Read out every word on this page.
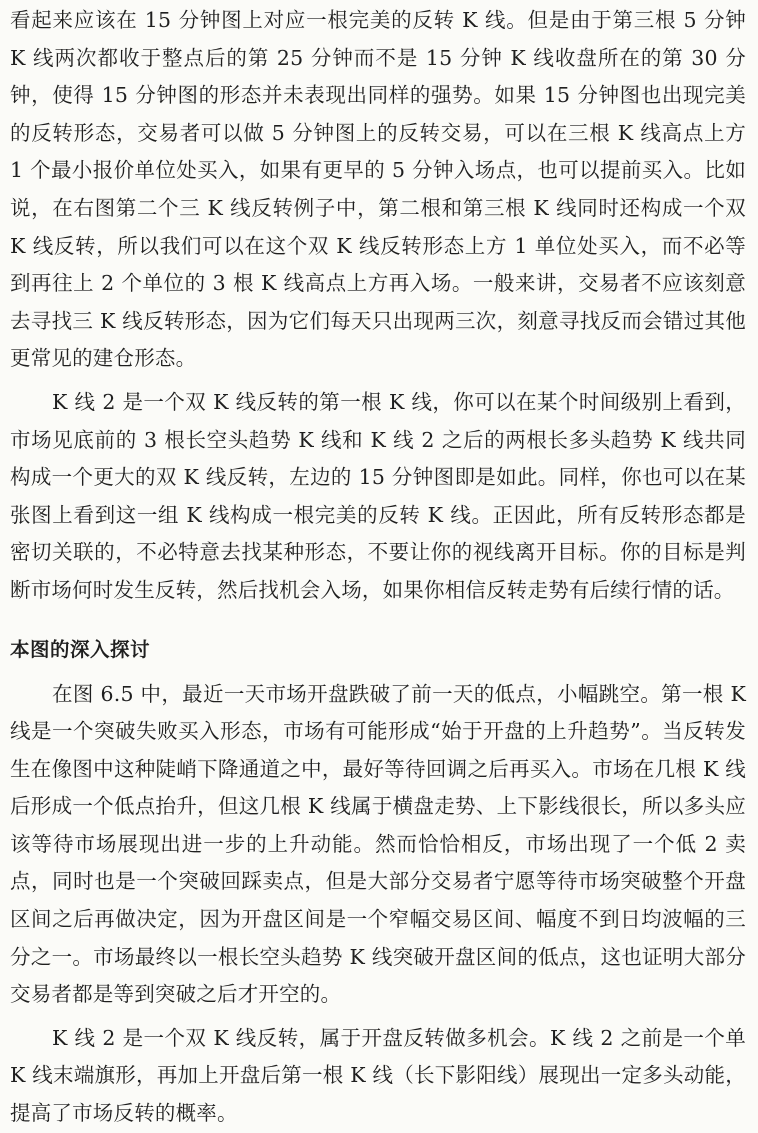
看起来应该在 15 分钟图上对应一根完美的反转 K 线。但是由于第三根 5 分钟 K 线两次都收于整点后的第 25 分钟而不是 15 分钟 K 线收盘所在的第 30 分钟，使得 15 分钟图的形态并未表现出同样的强势。如果 15 分钟图也出现完美的反转形态，交易者可以做 5 分钟图上的反转交易，可以在三根 K 线高点上方 1 个最小报价单位处买入，如果有更早的 5 分钟入场点，也可以提前买入。比如说，在右图第二个三 K 线反转例子中，第二根和第三根 K 线同时还构成一个双 K 线反转，所以我们可以在这个双 K 线反转形态上方 1 单位处买入，而不必等到再往上 2 个单位的 3 根 K 线高点上方再入场。一般来讲，交易者不应该刻意去寻找三 K 线反转形态，因为它们每天只出现两三次，刻意寻找反而会错过其他更常见的建仓形态。

K 线 2 是一个双 K 线反转的第一根 K 线，你可以在某个时间级别上看到，市场见底前的 3 根长空头趋势 K 线和 K 线 2 之后的两根长多头趋势 K 线共同构成一个更大的双 K 线反转，左边的 15 分钟图即是如此。同样，你也可以在某张图上看到这一组 K 线构成一根完美的反转 K 线。正因此，所有反转形态都是密切关联的，不必特意去找某种形态，不要让你的视线离开目标。你的目标是判断市场何时发生反转，然后找机会入场，如果你相信反转走势有后续行情的话。

本图的深入探讨

在图 6.5 中，最近一天市场开盘跌破了前一天的低点，小幅跳空。第一根 K 线是一个突破失败买入形态，市场有可能形成“始于开盘的上升趋势”。当反转发生在像图中这种陡峭下降通道之中，最好等待回调之后再买入。市场在几根 K 线后形成一个低点抬升，但这几根 K 线属于横盘走势、上下影线很长，所以多头应该等待市场展现出进一步的上升动能。然而恰恰相反，市场出现了一个低 2 卖点，同时也是一个突破回踩卖点，但是大部分交易者宁愿等待市场突破整个开盘区间之后再做决定，因为开盘区间是一个窄幅交易区间、幅度不到日均波幅的三分之一。市场最终以一根长空头趋势 K 线突破开盘区间的低点，这也证明大部分交易者都是等到突破之后才开空的。

K 线 2 是一个双 K 线反转，属于开盘反转做多机会。K 线 2 之前是一个单 K 线末端旗形，再加上开盘后第一根 K 线（长下影阳线）展现出一定多头动能，提高了市场反转的概率。
